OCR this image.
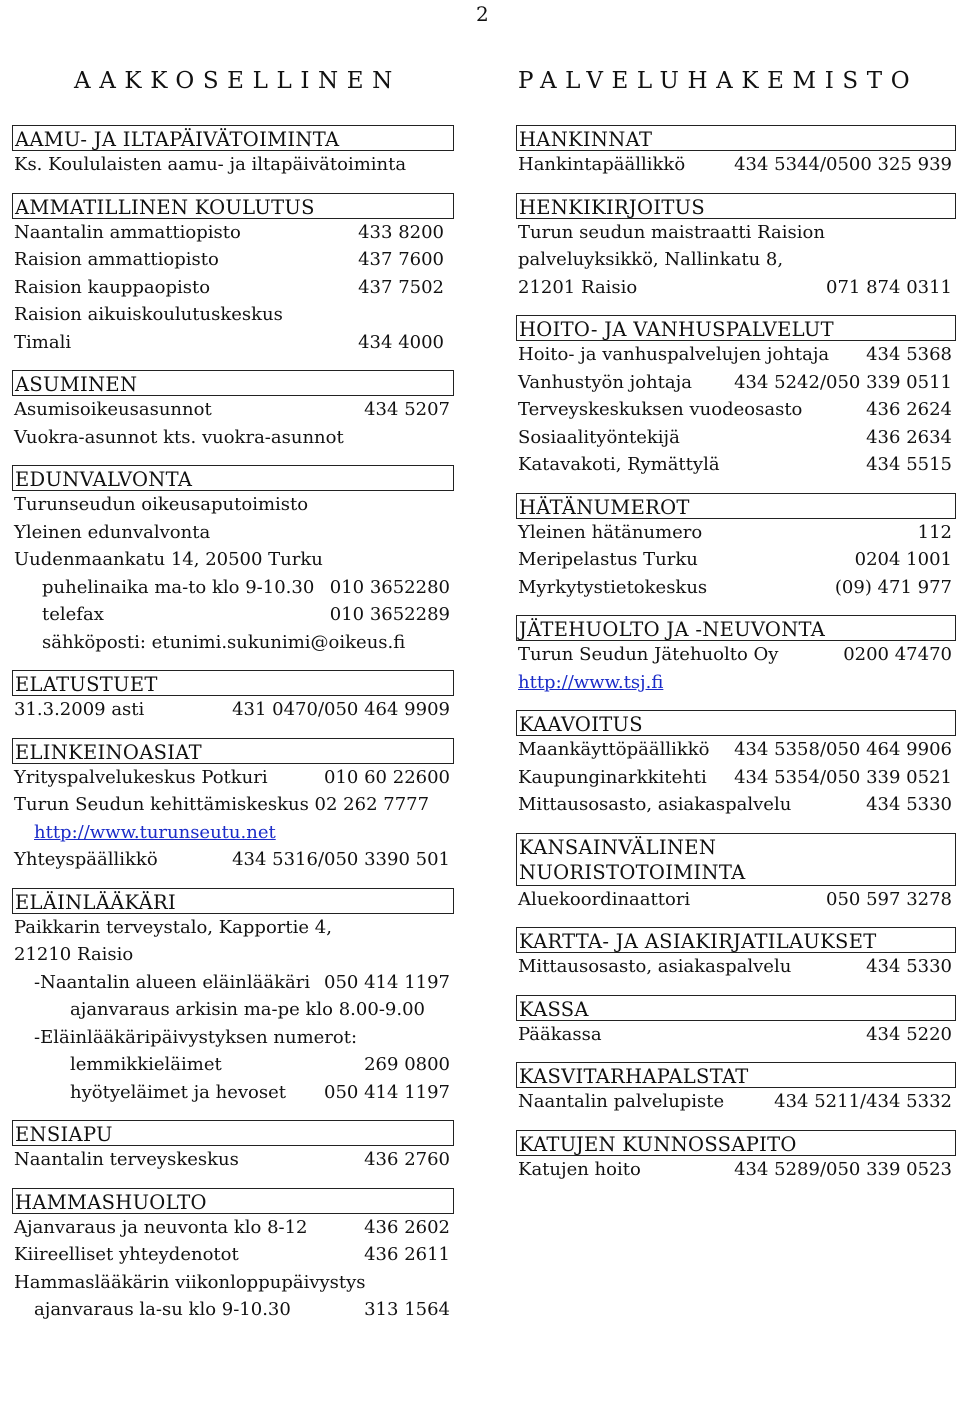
2
AAKKOSELLINEN
AAMU- JA ILTAPÄIVÄTOIMINTA
Ks. Koululaisten aamu- ja iltapäivätoiminta
AMMATILLINEN KOULUTUS
Naantalin ammattiopisto	433 8200
Raision ammattiopisto	437 7600
Raision kauppaopisto	437 7502
Raision aikuiskoulutuskeskus
Timali	434 4000
ASUMINEN
Asumisoikeusasunnot	434 5207
Vuokra-asunnot kts. vuokra-asunnot
EDUNVALVONTA
Turunseudun oikeusaputoimisto
Yleinen edunvalvonta
Uudenmaankatu 14, 20500 Turku
puhelinaika ma-to klo 9-10.30 010 3652280
telefax	010 3652289
sähköposti: etunimi.sukunimi@oikeus.fi
ELATUSTUET
31.3.2009 asti	431 0470/050 464 9909
ELINKEINOASIAT
Yrityspalvelukeskus Potkuri	010 60 22600
Turun Seudun kehittämiskeskus 02 262 7777
http://www.turunseutu.net
Yhteyspäällikkö	434 5316/050 3390 501
ELÄINLÄÄKÄRI
Paikkarin terveystalo, Kapportie 4,
21210 Raisio
-Naantalin alueen eläinlääkäri 050 414 1197
ajanvaraus arkisin ma-pe klo 8.00-9.00
-Eläinlääkäripäivystyksen numerot:
lemmikkieläimet	269 0800
hyötyeläimet ja hevoset 050 414 1197
ENSIAPU
Naantalin terveyskeskus	436 2760
HAMMASHUOLTO
Ajanvaraus ja neuvonta klo 8-12	436 2602
Kiireelliset yhteydenotot	436 2611
Hammaslääkärin viikonloppupäivystys
ajanvaraus la-su klo 9-10.30	313 1564
PALVELUHAKEMISTO
HANKINNAT
Hankintapäällikkö	434 5344/0500 325 939
HENKIKIRJOITUS
Turun seudun maistraatti Raision
palveluyksikkö, Nallinkatu 8,
21201 Raisio	071 874 0311
HOITO- JA VANHUSPALVELUT
Hoito- ja vanhuspalvelujen johtaja 434 5368
Vanhustyön johtaja 434 5242/050 339 0511
Terveyskeskuksen vuodeosasto	436 2624
Sosiaalityöntekijä	436 2634
Katavakoti, Rymättylä	434 5515
HÄTÄNUMEROT
Yleinen hätänumero	112
Meripelastus Turku	0204 1001
Myrkytystietokeskus	(09) 471 977
JÄTEHUOLTO JA -NEUVONTA
Turun Seudun Jätehuolto Oy	0200 47470
http://www.tsj.fi
KAAVOITUS
Maankäyttöpäällikkö 434 5358/050 464 9906
Kaupunginarkkitehti 434 5354/050 339 0521
Mittausosasto, asiakaspalvelu	434 5330
KANSAINVÄLINEN
NUORISTOTOIMINTA
Aluekoordinaattori	050 597 3278
KARTTA- JA ASIAKIRJATILAUKSET
Mittausosasto, asiakaspalvelu	434 5330
KASSA
Pääkassa	434 5220
KASVITARHAPALSTAT
Naantalin palvelupiste	434 5211/434 5332
KATUJEN KUNNOSSAPITO
Katujen hoito	434 5289/050 339 0523
